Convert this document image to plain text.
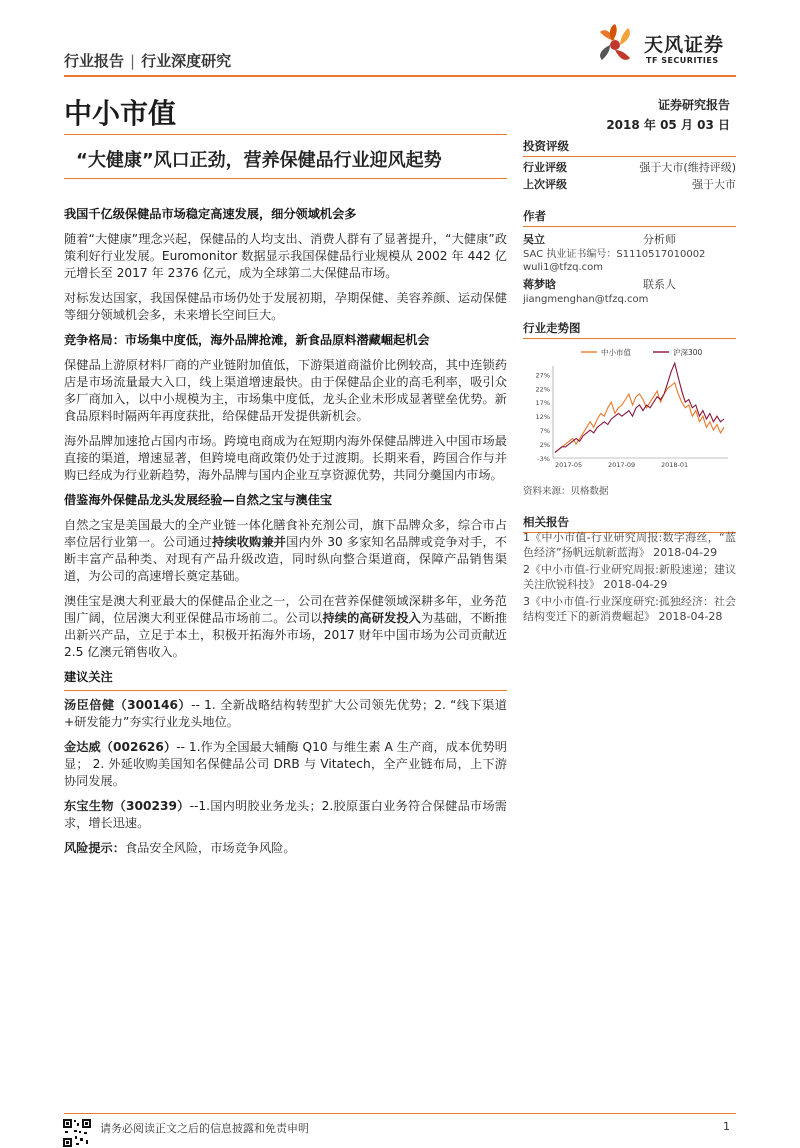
行业报告 | 行业深度研究
天风证券
TF SECURITIES
中小市值	证券研究报告
2018 年 05 月 03 日
“大健康”风口正劲，营养保健品行业迎风起势

我国千亿级保健品市场稳定高速发展，细分领域机会多

随着“大健康”理念兴起，保健品的人均支出、消费人群有了显著提升，“大健康”政策利好行业发展。Euromonitor 数据显示我国保健品行业规模从 2002 年 442 亿元增长至 2017 年 2376 亿元，成为全球第二大保健品市场。

对标发达国家，我国保健品市场仍处于发展初期，孕期保健、美容养颜、运动保健等细分领域机会多，未来增长空间巨大。

竞争格局：市场集中度低，海外品牌抢滩，新食品原料潜藏崛起机会

保健品上游原材料厂商的产业链附加值低，下游渠道商溢价比例较高，其中连锁药店是市场流量最大入口，线上渠道增速最快。由于保健品企业的高毛利率，吸引众多厂商加入，以中小规模为主，市场集中度低，龙头企业未形成显著壁垒优势。新食品原料时隔两年再度获批，给保健品开发提供新机会。

海外品牌加速抢占国内市场。跨境电商成为在短期内海外保健品牌进入中国市场最直接的渠道，增速显著，但跨境电商政策仍处于过渡期。长期来看，跨国合作与并购已经成为行业新趋势，海外品牌与国内企业互享资源优势，共同分羹国内市场。

借鉴海外保健品龙头发展经验—自然之宝与澳佳宝

自然之宝是美国最大的全产业链一体化膳食补充剂公司，旗下品牌众多，综合市占率位居行业第一。公司通过持续收购兼并国内外 30 多家知名品牌或竞争对手，不断丰富产品种类、对现有产品升级改造，同时纵向整合渠道商，保障产品销售渠道，为公司的高速增长奠定基础。

澳佳宝是澳大利亚最大的保健品企业之一，公司在营养保健领域深耕多年，业务范围广阔，位居澳大利亚保健品市场前二。公司以持续的高研发投入为基础，不断推出新兴产品，立足于本土，积极开拓海外市场，2017 财年中国市场为公司贡献近 2.5 亿澳元销售收入。

建议关注

汤臣倍健（300146）-- 1. 全新战略结构转型扩大公司领先优势；2. “线下渠道 +研发能力”夯实行业龙头地位。

金达威（002626）-- 1.作为全国最大辅酶 Q10 与维生素 A 生产商，成本优势明显； 2. 外延收购美国知名保健品公司 DRB 与 Vitatech，全产业链布局，上下游协同发展。

东宝生物（300239）--1.国内明胶业务龙头；2.胶原蛋白业务符合保健品市场需求，增长迅速。

风险提示：食品安全风险，市场竞争风险。

投资评级
行业评级	强于大市(维持评级)
上次评级	强于大市
作者
吴立	分析师
SAC 执业证书编号：S1110517010002
wuli1@tfzq.com
蒋梦晗	联系人
jiangmenghan@tfzq.com
行业走势图
27%
22%
17%
12%
7%
2%
-3%
2017-05	2017-09	2018-01
中小市值	沪深300
资料来源：贝格数据
相关报告
1《中小市值-行业研究周报:数字海丝，“蓝色经济”扬帆远航新蓝海》 2018-04-29
2《中小市值-行业研究周报:新股速递；建议关注欣锐科技》 2018-04-29
3《中小市值-行业深度研究:孤独经济：社会结构变迁下的新消费崛起》 2018-04-28
请务必阅读正文之后的信息披露和免责申明	1
